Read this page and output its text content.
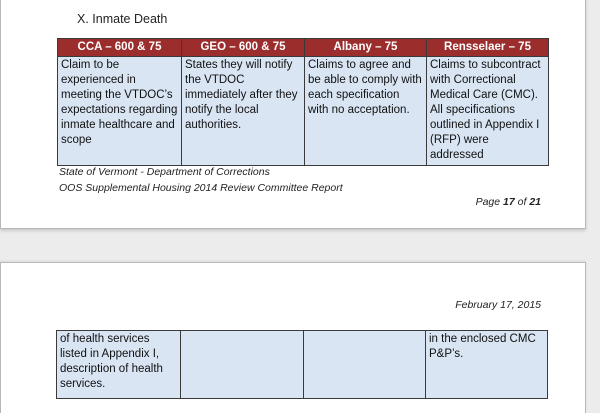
X. Inmate Death
CCA – 600 & 75	GEO – 600 & 75	Albany – 75	Rensselaer – 75
Claim to be experienced in meeting the VTDOC’s expectations regarding inmate healthcare and scope	States they will notify the VTDOC immediately after they notify the local authorities.	Claims to agree and be able to comply with each specification with no acceptation.	Claims to subcontract with Correctional Medical Care (CMC). All specifications outlined in Appendix I (RFP) were addressed
State of Vermont - Department of Corrections
OOS Supplemental Housing 2014 Review Committee Report
Page 17 of 21
February 17, 2015
of health services listed in Appendix I, description of health services.			in the enclosed CMC P&P’s.
